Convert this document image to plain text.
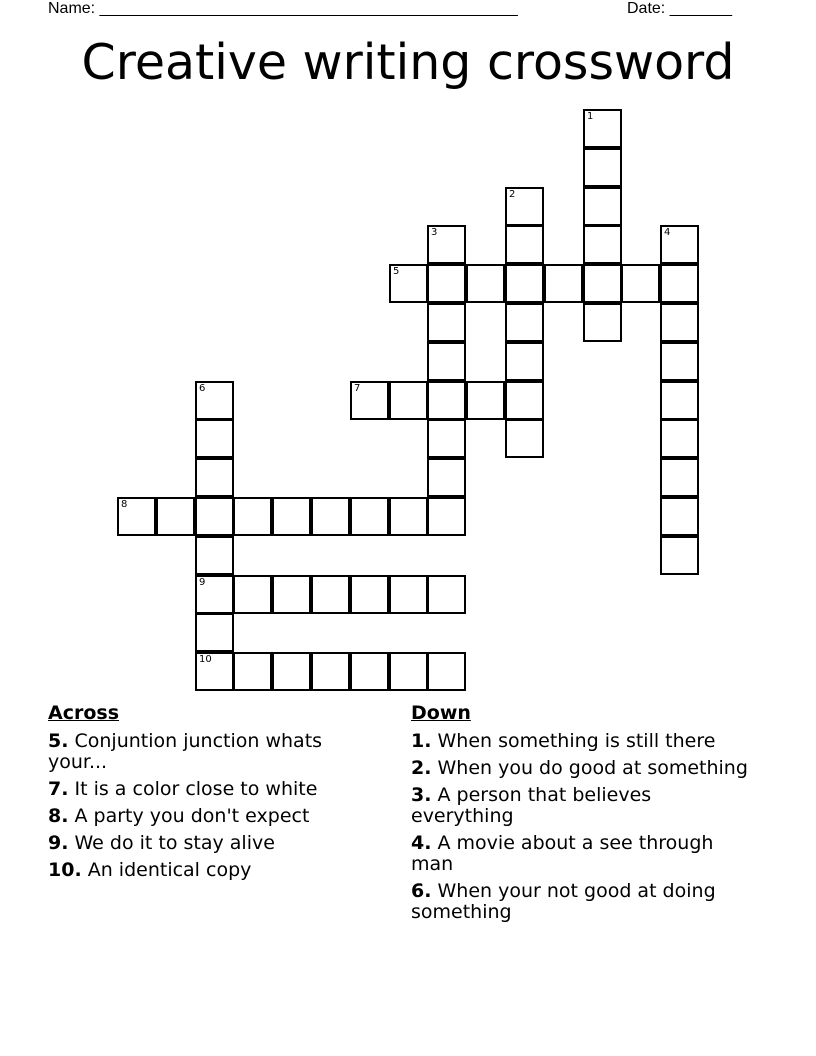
Name: _______________________________________________	Date: _______
Creative writing crossword
1
2
3	4
5
6	7
8
9
10
Across
5. Conjuntion junction whats your...
7. It is a color close to white
8. A party you don't expect
9. We do it to stay alive
10. An identical copy
Down
1. When something is still there
2. When you do good at something
3. A person that believes everything
4. A movie about a see through man
6. When your not good at doing something
